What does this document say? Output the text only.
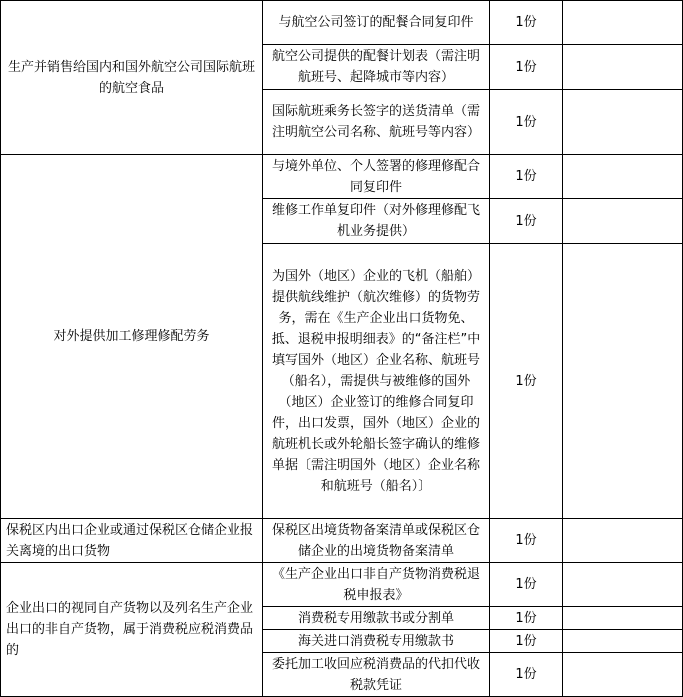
生产并销售给国内和国外航空公司国际航班的航空食品	与航空公司签订的配餐合同复印件	1份	
	航空公司提供的配餐计划表（需注明航班号、起降城市等内容）	1份	
	国际航班乘务长签字的送货清单（需注明航空公司名称、航班号等内容）	1份	
对外提供加工修理修配劳务	与境外单位、个人签署的修理修配合同复印件	1份	
	维修工作单复印件（对外修理修配飞机业务提供）	1份	
	为国外（地区）企业的飞机（船舶）提供航线维护（航次维修）的货物劳务，需在《生产企业出口货物免、抵、退税申报明细表》的“备注栏”中填写国外（地区）企业名称、航班号（船名），需提供与被维修的国外（地区）企业签订的维修合同复印件，出口发票，国外（地区）企业的航班机长或外轮船长签字确认的维修单据〔需注明国外（地区）企业名称和航班号（船名）〕	1份	
保税区内出口企业或通过保税区仓储企业报关离境的出口货物	保税区出境货物备案清单或保税区仓储企业的出境货物备案清单	1份	
企业出口的视同自产货物以及列名生产企业出口的非自产货物，属于消费税应税消费品的	《生产企业出口非自产货物消费税退税申报表》	1份	
	消费税专用缴款书或分割单	1份	
	海关进口消费税专用缴款书	1份	
	委托加工收回应税消费品的代扣代收税款凭证	1份	
